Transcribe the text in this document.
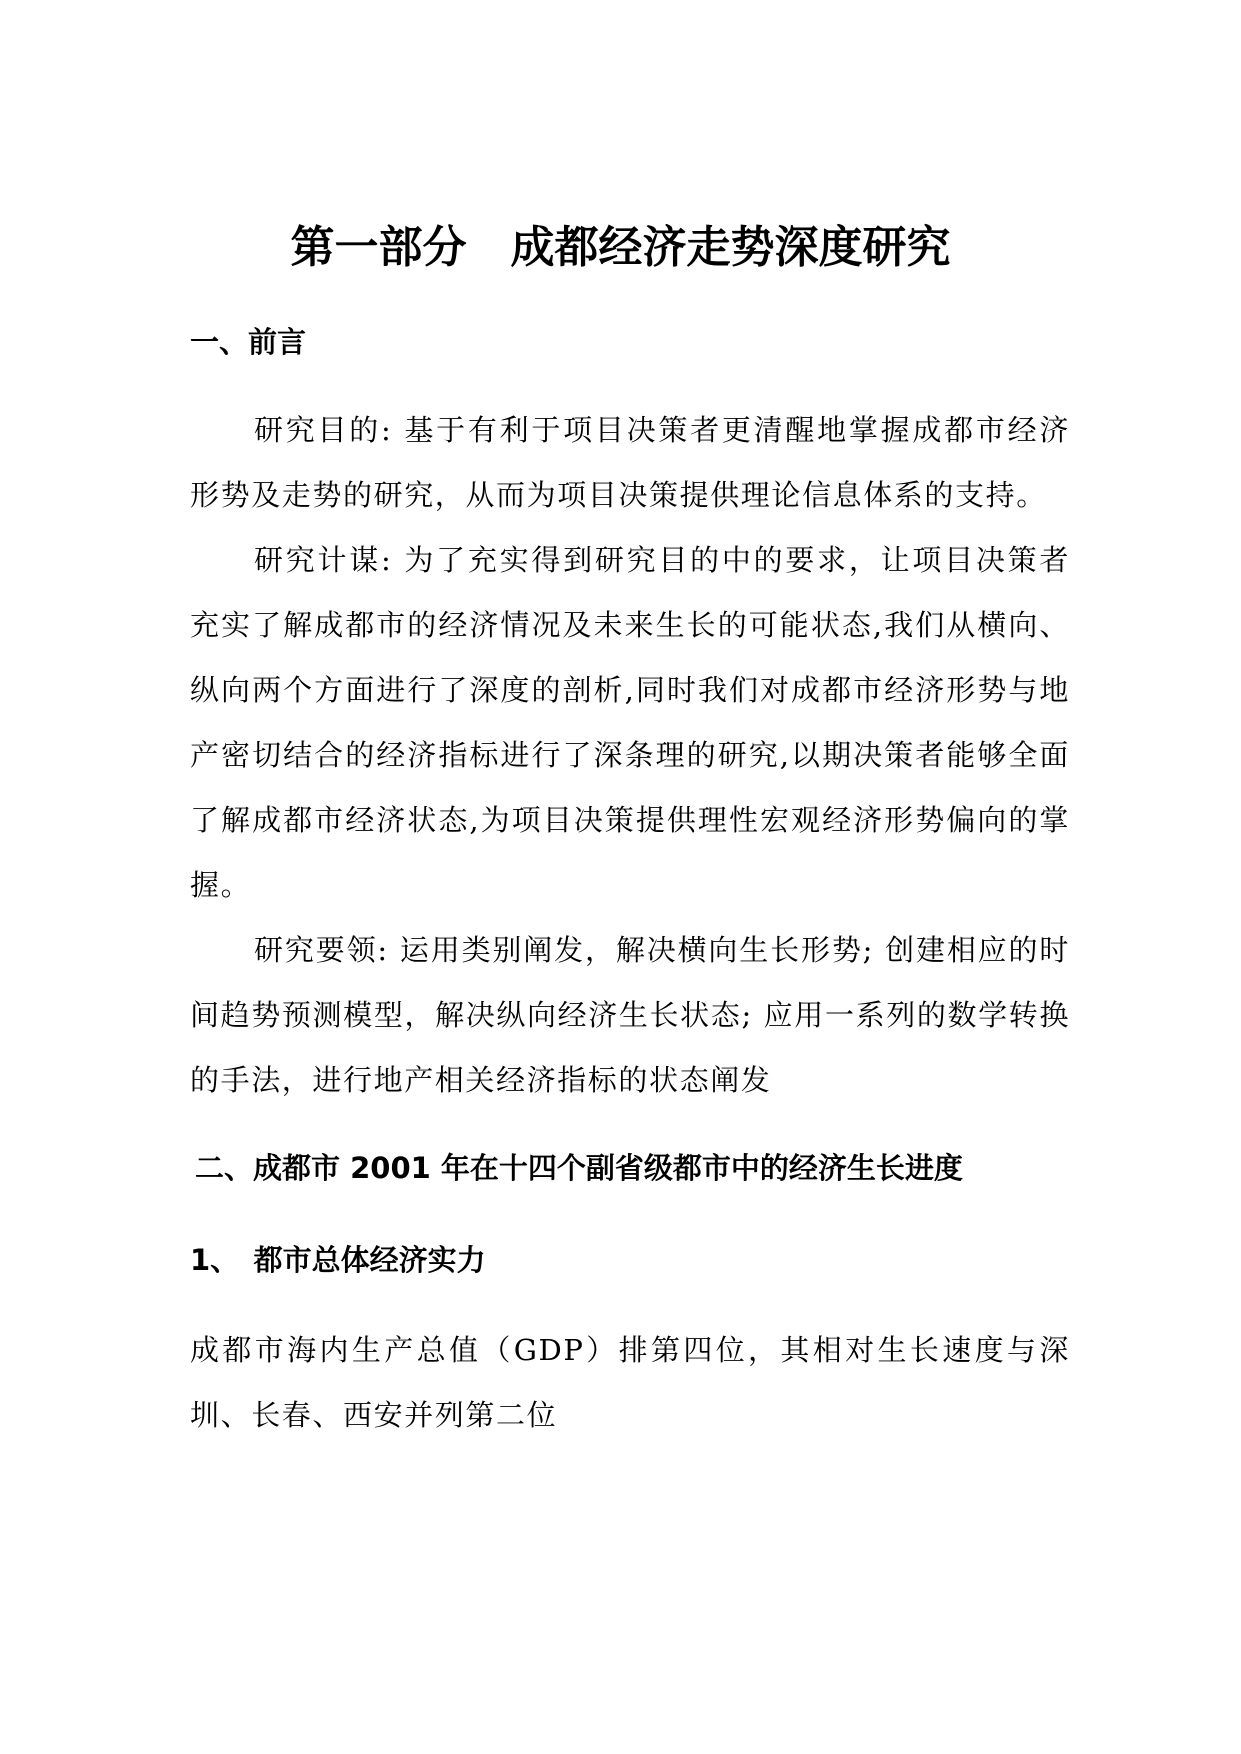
第一部分　成都经济走势深度研究
一、前言

研究目的: 基于有利于项目决策者更清醒地掌握成都市经济形势及走势的研究，从而为项目决策提供理论信息体系的支持。

研究计谋: 为了充实得到研究目的中的要求，让项目决策者充实了解成都市的经济情况及未来生长的可能状态,我们从横向、纵向两个方面进行了深度的剖析,同时我们对成都市经济形势与地产密切结合的经济指标进行了深条理的研究,以期决策者能够全面了解成都市经济状态,为项目决策提供理性宏观经济形势偏向的掌握。

研究要领: 运用类别阐发，解决横向生长形势; 创建相应的时间趋势预测模型，解决纵向经济生长状态; 应用一系列的数学转换的手法，进行地产相关经济指标的状态阐发

二、成都市 2001 年在十四个副省级都市中的经济生长进度
1、　都市总体经济实力

成都市海内生产总值（GDP）排第四位，其相对生长速度与深圳、长春、西安并列第二位
